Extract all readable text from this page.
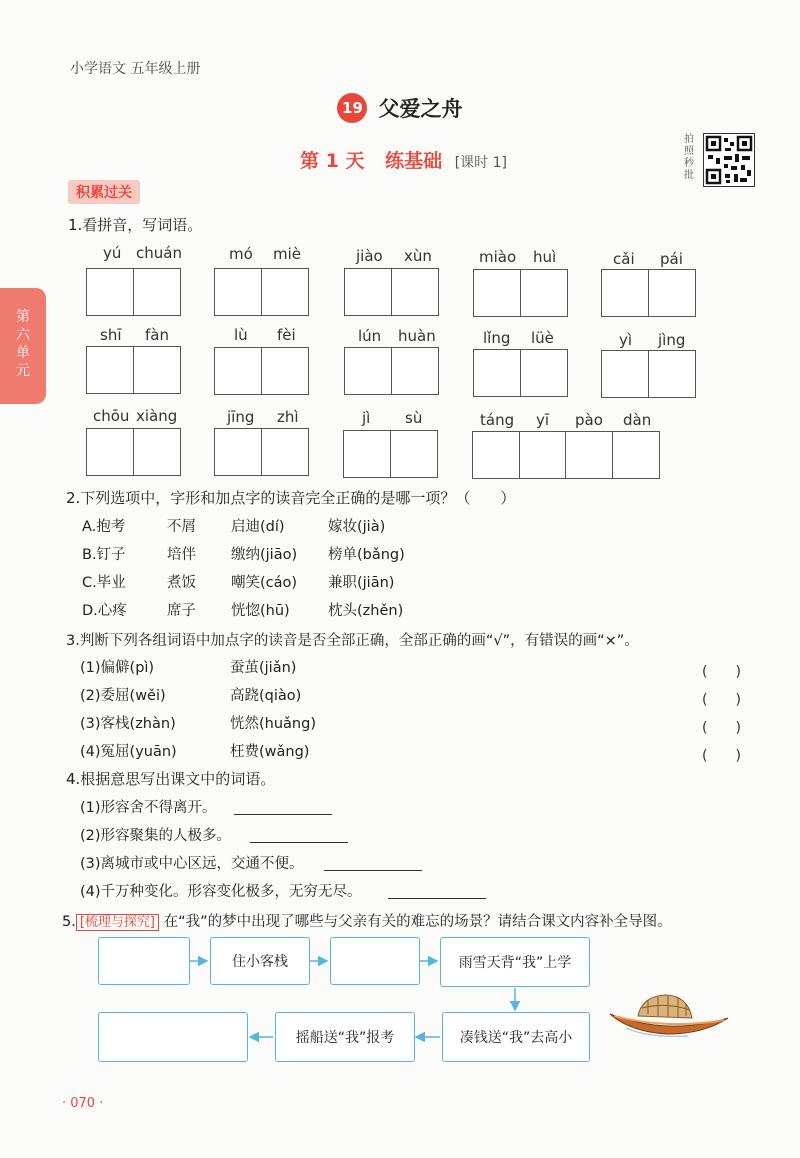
小学语文 五年级上册
19 父爱之舟
第 1 天 练基础 [课时 1]
拍照秒批
积累过关
第六单元
1.看拼音，写词语。
yú chuán	mó miè	jiào xùn	miào huì	cǎi pái
shī fàn	lù fèi	lún huàn	lǐng lüè	yì jìng
chōu xiàng	jīng zhì	jì sù	táng yī pào dàn
2.下列选项中，字形和加点字的读音完全正确的是哪一项？（　　）
A.抱考	不屑 启迪(dí)	嫁妆(jià)
B.钉子	培伴 缴纳(jiāo) 榜单(bǎng)
C.毕业	煮饭 嘲笑(cáo) 兼职(jiān)
D.心疼	席子 恍惚(hū)	枕头(zhěn)
3.判断下列各组词语中加点字的读音是否全部正确，全部正确的画“√”，有错误的画“×”。
(1)偏僻(pì)	蚕茧(jiǎn)	(　　)
(2)委屈(wěi)	高跷(qiào)	(　　)
(3)客栈(zhàn)	恍然(huǎng)	(　　)
(4)冤屈(yuān)	枉费(wǎng)	(　　)
4.根据意思写出课文中的词语。
(1)形容舍不得离开。
(2)形容聚集的人极多。
(3)离城市或中心区远，交通不便。
(4)千万种变化。形容变化极多，无穷无尽。
5. [梳理与探究] 在“我”的梦中出现了哪些与父亲有关的难忘的场景？请结合课文内容补全导图。
住小客栈	雨雪天背“我”上学
摇船送“我”报考	凑钱送“我”去高小
· 070 ·
